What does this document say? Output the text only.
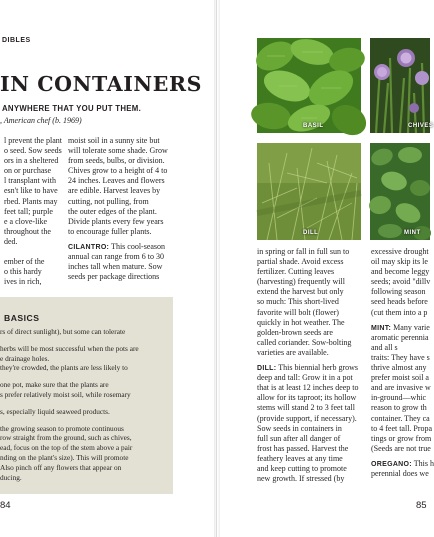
DIBLES
IN CONTAINERS
ANYWHERE THAT YOU PUT THEM.
, American chef (b. 1969)
l prevent the plant
o seed. Sow seeds
ors in a sheltered
on or purchase
l transplant with
esn't like to have
rbed. Plants may
feet tall; purple
e a clove-like
throughout the
ded.
ember of the
o this hardy
ives in rich,
moist soil in a sunny site but
will tolerate some shade. Grow
from seeds, bulbs, or division.
Chives grow to a height of 4 to
24 inches. Leaves and flowers
are edible. Harvest leaves by
cutting, not pulling, from
the outer edges of the plant.
Divide plants every few years
to encourage fuller plants.
CILANTRO: This cool-season
annual can range from 6 to 30
inches tall when mature. Sow
seeds per package directions
BASICS
rs of direct sunlight), but some can tolerate
herbs will be most successful when the pots are
e drainage holes.
they're crowded, the plants are less likely to
one pot, make sure that the plants are
s prefer relatively moist soil, while rosemary
s, especially liquid seaweed products.
the growing season to promote continuous
row straight from the ground, such as chives,
ead, focus on the top of the stem above a pair
nding on the plant's size). This will promote
Also pinch off any flowers that appear on
ducing.
84
BASIL	CHIVES
DILL	MINT
in spring or fall in full sun to
partial shade. Avoid excess
fertilizer. Cutting leaves
(harvesting) frequently will
extend the harvest but only
so much: This short-lived
favorite will bolt (flower)
quickly in hot weather. The
golden-brown seeds are
called coriander. Sow-bolting
varieties are available.
DILL: This biennial herb grows
deep and tall: Grow it in a pot
that is at least 12 inches deep to
allow for its taproot; its hollow
stems will stand 2 to 3 feet tall
(provide support, if necessary).
Sow seeds in containers in
full sun after all danger of
frost has passed. Harvest the
feathery leaves at any time
and keep cutting to promote
new growth. If stressed (by
excessive drought
oil may skip its le
and become leggy
seeds; avoid "dillv
following season
seed heads before
(cut them into a p
MINT: Many varie
aromatic perennia
and all s
traits: They have s
thrive almost any
prefer moist soil a
and are invasive w
in-ground—whic
reason to grow th
container. They ca
to 4 feet tall. Propa
tings or grow from
(Seeds are not true
OREGANO: This h
perennial does we
85
